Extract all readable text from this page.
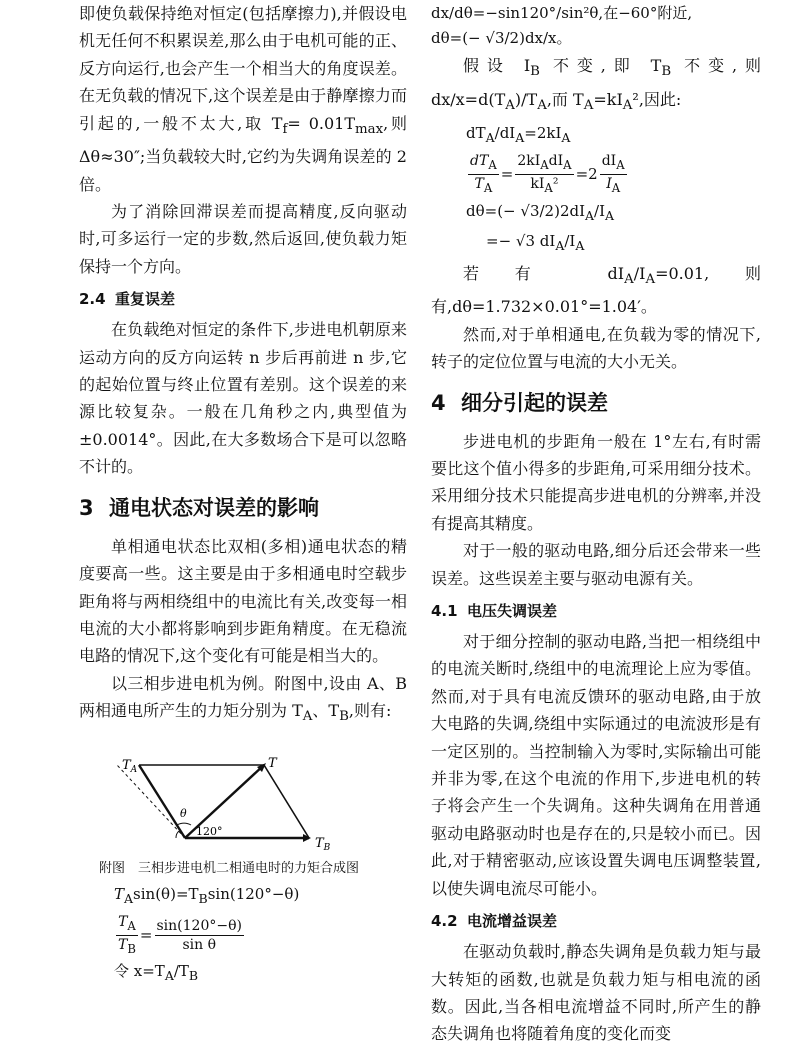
即使负载保持绝对恒定(包括摩擦力),并假设电机无任何不积累误差,那么由于电机可能的正、反方向运行,也会产生一个相当大的角度误差。在无负载的情况下,这个误差是由于静摩擦力而引起的,一般不太大,取 $T_f= 0.01T_{max}$,则 Δθ≈30″;当负载较大时,它约为失调角误差的 2 倍。

为了消除回滞误差而提高精度,反向驱动时,可多运行一定的步数,然后返回,使负载力矩保持一个方向。

2.4 重复误差

在负载绝对恒定的条件下,步进电机朝原来运动方向的反方向运转 n 步后再前进 n 步,它的起始位置与终止位置有差别。这个误差的来源比较复杂。一般在几角秒之内,典型值为±0.0014°。因此,在大多数场合下是可以忽略不计的。

3 通电状态对误差的影响

单相通电状态比双相(多相)通电状态的精度要高一些。这主要是由于多相通电时空载步距角将与两相绕组中的电流比有关,改变每一相电流的大小都将影响到步距角精度。在无稳流电路的情况下,这个变化有可能是相当大的。

以三相步进电机为例。附图中,设由 A、B 两相通电所产生的力矩分别为 $T_A$、$T_B$,则有:

$T_A$	T
$T_B$
θ
120°
附图　三相步进电机二相通电时的力矩合成图
$T_A\sin(\theta)=T_B\sin(120^\circ-\theta)$
$\frac{T_A}{T_B} = \frac{\sin(120^\circ-\theta)}{\text{sin θ}}$
令 $x=T_A/T_B$
dx/dθ=−sin120°/sin²θ,在−60°附近,
dθ=(− √3/2)dx/x。

假设 $I_B$ 不变,即 $T_B$ 不变,则 $dx/x=d(T_A)/T_A$,而 $T_A=kI_A^2$,因此:

$dT_A/dI_A=2kI_A$
$\frac{dT_A}{T_A} = \frac{2kI_AdI_A}{kI_A^2} = 2 \frac{dI_A}{I_A}$
$d\theta=(- √3/2)2dI_A/I_A$
=− √3 $dI_A/I_A$

若有 $dI_A/I_A=0.01$,则有,dθ=1.732×0.01°=1.04′。

然而,对于单相通电,在负载为零的情况下,转子的定位位置与电流的大小无关。

4 细分引起的误差

步进电机的步距角一般在 1°左右,有时需要比这个值小得多的步距角,可采用细分技术。采用细分技术只能提高步进电机的分辨率,并没有提高其精度。

对于一般的驱动电路,细分后还会带来一些误差。这些误差主要与驱动电源有关。

4.1 电压失调误差

对于细分控制的驱动电路,当把一相绕组中的电流关断时,绕组中的电流理论上应为零值。然而,对于具有电流反馈环的驱动电路,由于放大电路的失调,绕组中实际通过的电流波形是有一定区别的。当控制输入为零时,实际输出可能并非为零,在这个电流的作用下,步进电机的转子将会产生一个失调角。这种失调角在用普通驱动电路驱动时也是存在的,只是较小而已。因此,对于精密驱动,应该设置失调电压调整装置,以使失调电流尽可能小。

4.2 电流增益误差

在驱动负载时,静态失调角是负载力矩与最大转矩的函数,也就是负载力矩与相电流的函数。因此,当各相电流增益不同时,所产生的静态失调角也将随着角度的变化而变
